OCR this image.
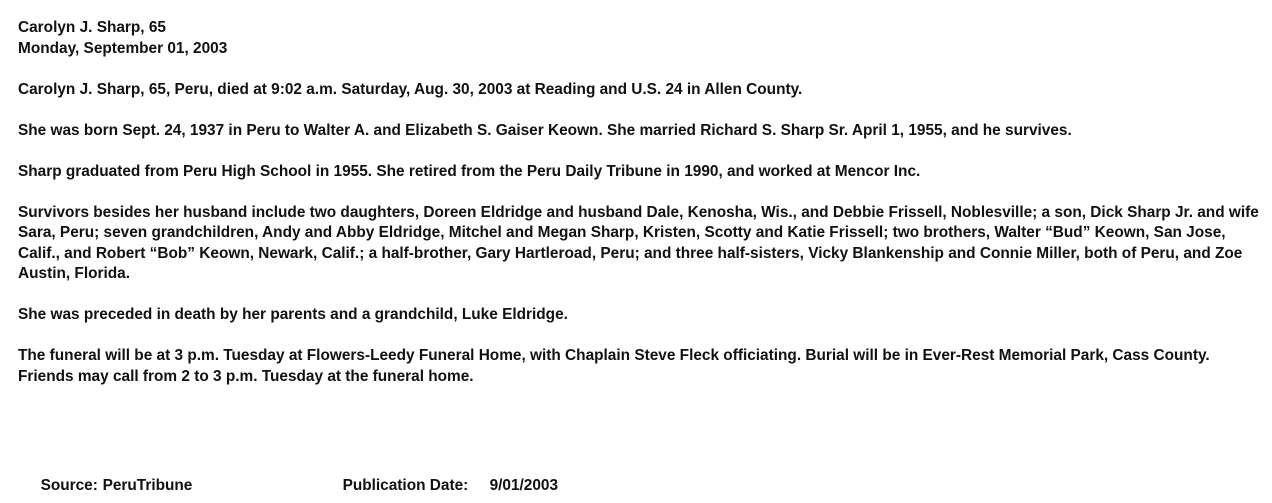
Carolyn J. Sharp, 65
Monday, September 01, 2003

Carolyn J. Sharp, 65, Peru, died at 9:02 a.m. Saturday, Aug. 30, 2003 at Reading and U.S. 24 in Allen County.

She was born Sept. 24, 1937 in Peru to Walter A. and Elizabeth S. Gaiser Keown. She married Richard S. Sharp Sr. April 1, 1955, and he survives.

Sharp graduated from Peru High School in 1955. She retired from the Peru Daily Tribune in 1990, and worked at Mencor Inc.

Survivors besides her husband include two daughters, Doreen Eldridge and husband Dale, Kenosha, Wis., and Debbie Frissell, Noblesville; a son, Dick Sharp Jr. and wife Sara, Peru; seven grandchildren, Andy and Abby Eldridge, Mitchel and Megan Sharp, Kristen, Scotty and Katie Frissell; two brothers, Walter “Bud” Keown, San Jose, Calif., and Robert “Bob” Keown, Newark, Calif.; a half-brother, Gary Hartleroad, Peru; and three half-sisters, Vicky Blankenship and Connie Miller, both of Peru, and Zoe Austin, Florida.

She was preceded in death by her parents and a grandchild, Luke Eldridge.

The funeral will be at 3 p.m. Tuesday at Flowers-Leedy Funeral Home, with Chaplain Steve Fleck officiating. Burial will be in Ever-Rest Memorial Park, Cass County. Friends may call from 2 to 3 p.m. Tuesday at the funeral home.

Source: PeruTribune	Publication Date: 9/01/2003
